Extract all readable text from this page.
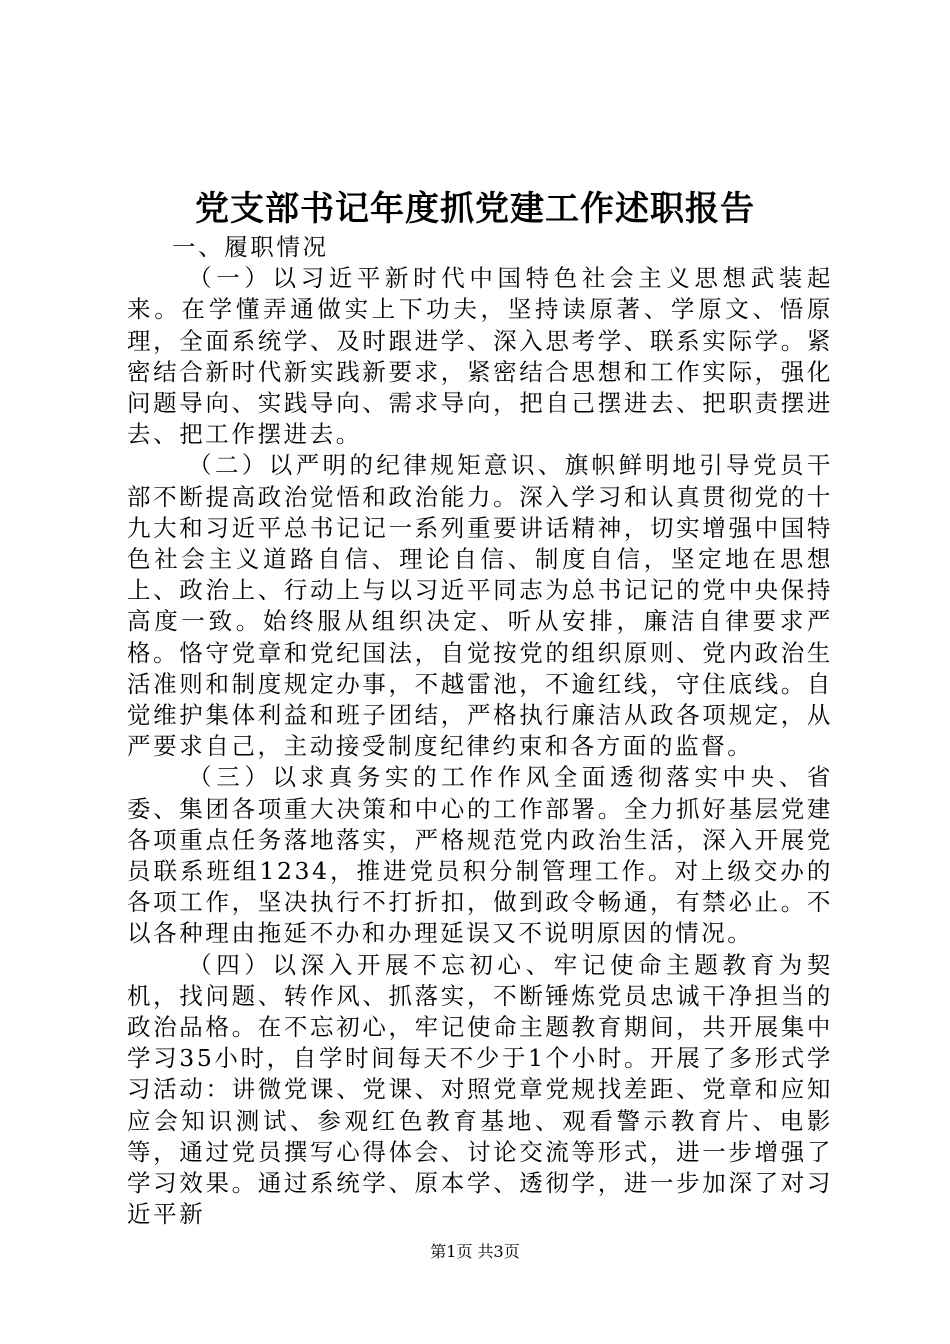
党支部书记年度抓党建工作述职报告

一、履职情况

（一）以习近平新时代中国特色社会主义思想武装起来。在学懂弄通做实上下功夫，坚持读原著、学原文、悟原理，全面系统学、及时跟进学、深入思考学、联系实际学。紧密结合新时代新实践新要求，紧密结合思想和工作实际，强化问题导向、实践导向、需求导向，把自己摆进去、把职责摆进去、把工作摆进去。

（二）以严明的纪律规矩意识、旗帜鲜明地引导党员干部不断提高政治觉悟和政治能力。深入学习和认真贯彻党的十九大和习近平总书记记一系列重要讲话精神，切实增强中国特色社会主义道路自信、理论自信、制度自信，坚定地在思想上、政治上、行动上与以习近平同志为总书记记的党中央保持高度一致。始终服从组织决定、听从安排，廉洁自律要求严格。恪守党章和党纪国法，自觉按党的组织原则、党内政治生活准则和制度规定办事，不越雷池，不逾红线，守住底线。自觉维护集体利益和班子团结，严格执行廉洁从政各项规定，从严要求自己，主动接受制度纪律约束和各方面的监督。

（三）以求真务实的工作作风全面透彻落实中央、省委、集团各项重大决策和中心的工作部署。全力抓好基层党建各项重点任务落地落实，严格规范党内政治生活，深入开展党员联系班组1234，推进党员积分制管理工作。对上级交办的各项工作，坚决执行不打折扣，做到政令畅通，有禁必止。不以各种理由拖延不办和办理延误又不说明原因的情况。

（四）以深入开展不忘初心、牢记使命主题教育为契机，找问题、转作风、抓落实，不断锤炼党员忠诚干净担当的政治品格。在不忘初心，牢记使命主题教育期间，共开展集中学习35小时，自学时间每天不少于1个小时。开展了多形式学习活动：讲微党课、党课、对照党章党规找差距、党章和应知应会知识测试、参观红色教育基地、观看警示教育片、电影等，通过党员撰写心得体会、讨论交流等形式，进一步增强了学习效果。通过系统学、原本学、透彻学，进一步加深了对习近平新

第1页 共3页
